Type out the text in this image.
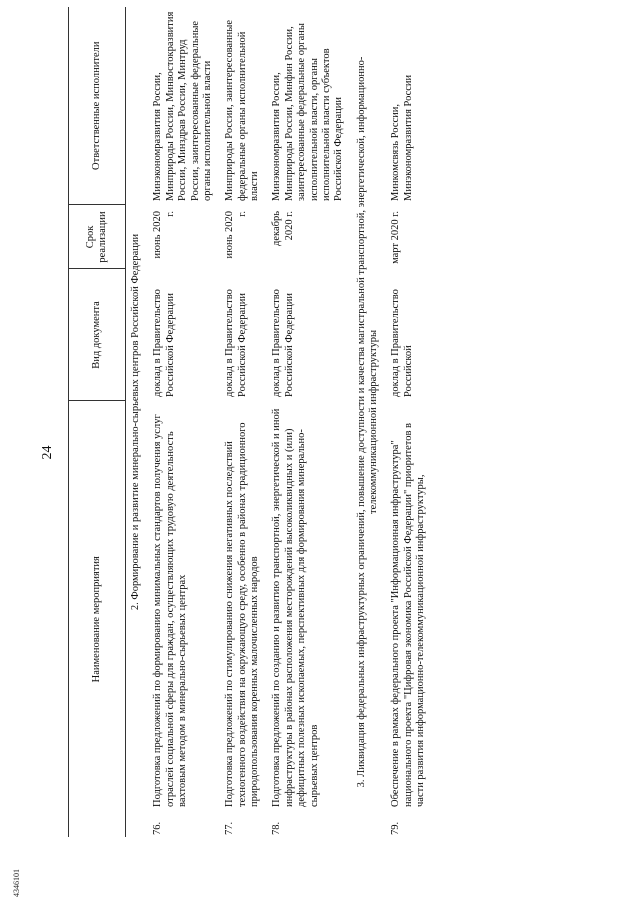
24
Наименование мероприятия		Вид документа	Срок реализации	Ответственные исполнители
2. Формирование и развитие минерально-сырьевых центров Российской Федерации				
76.	Подготовка предложений по формированию минимальных стандартов получения услуг отраслей социальной сферы для граждан, осуществляющих трудовую деятельность вахтовым методом в минерально-сырьевых центрах	доклад в Правительство Российской Федерации	июнь 2020 г.	Минэкономразвития России, Минприроды России, Минвостокразвития России, Минздрав России, Минтруд России, заинтересованные федеральные органы исполнительной власти
77.	Подготовка предложений по стимулированию снижения негативных последствий техногенного воздействия на окружающую среду, особенно в районах традиционного природопользования коренных малочисленных народов	доклад в Правительство Российской Федерации	июнь 2020 г.	Минприроды России, заинтересованные федеральные органы исполнительной власти
78.	Подготовка предложений по созданию и развитию транспортной, энергетической и иной инфраструктуры в районах расположения месторождений высоколиквидных и (или) дефицитных полезных ископаемых, перспективных для формирования минерально-сырьевых центров	доклад в Правительство Российской Федерации	декабрь 2020 г.	Минэкономразвития России, Минприроды России, Минфин России, заинтересованные федеральные органы исполнительной власти, органы исполнительной власти субъектов Российской Федерации
3. Ликвидация федеральных инфраструктурных ограничений, повышение доступности и качества магистральной транспортной, энергетической, информационно-телекоммуникационной инфраструктуры				
79.	Обеспечение в рамках федерального проекта "Информационная инфраструктура" национального проекта "Цифровая экономика Российской Федерации" приоритетов в части развития информационно-телекоммуникационной инфраструктуры,	доклад в Правительство Российской	март 2020 г.	Минкомсвязь России, Минэкономразвития России
4346101
